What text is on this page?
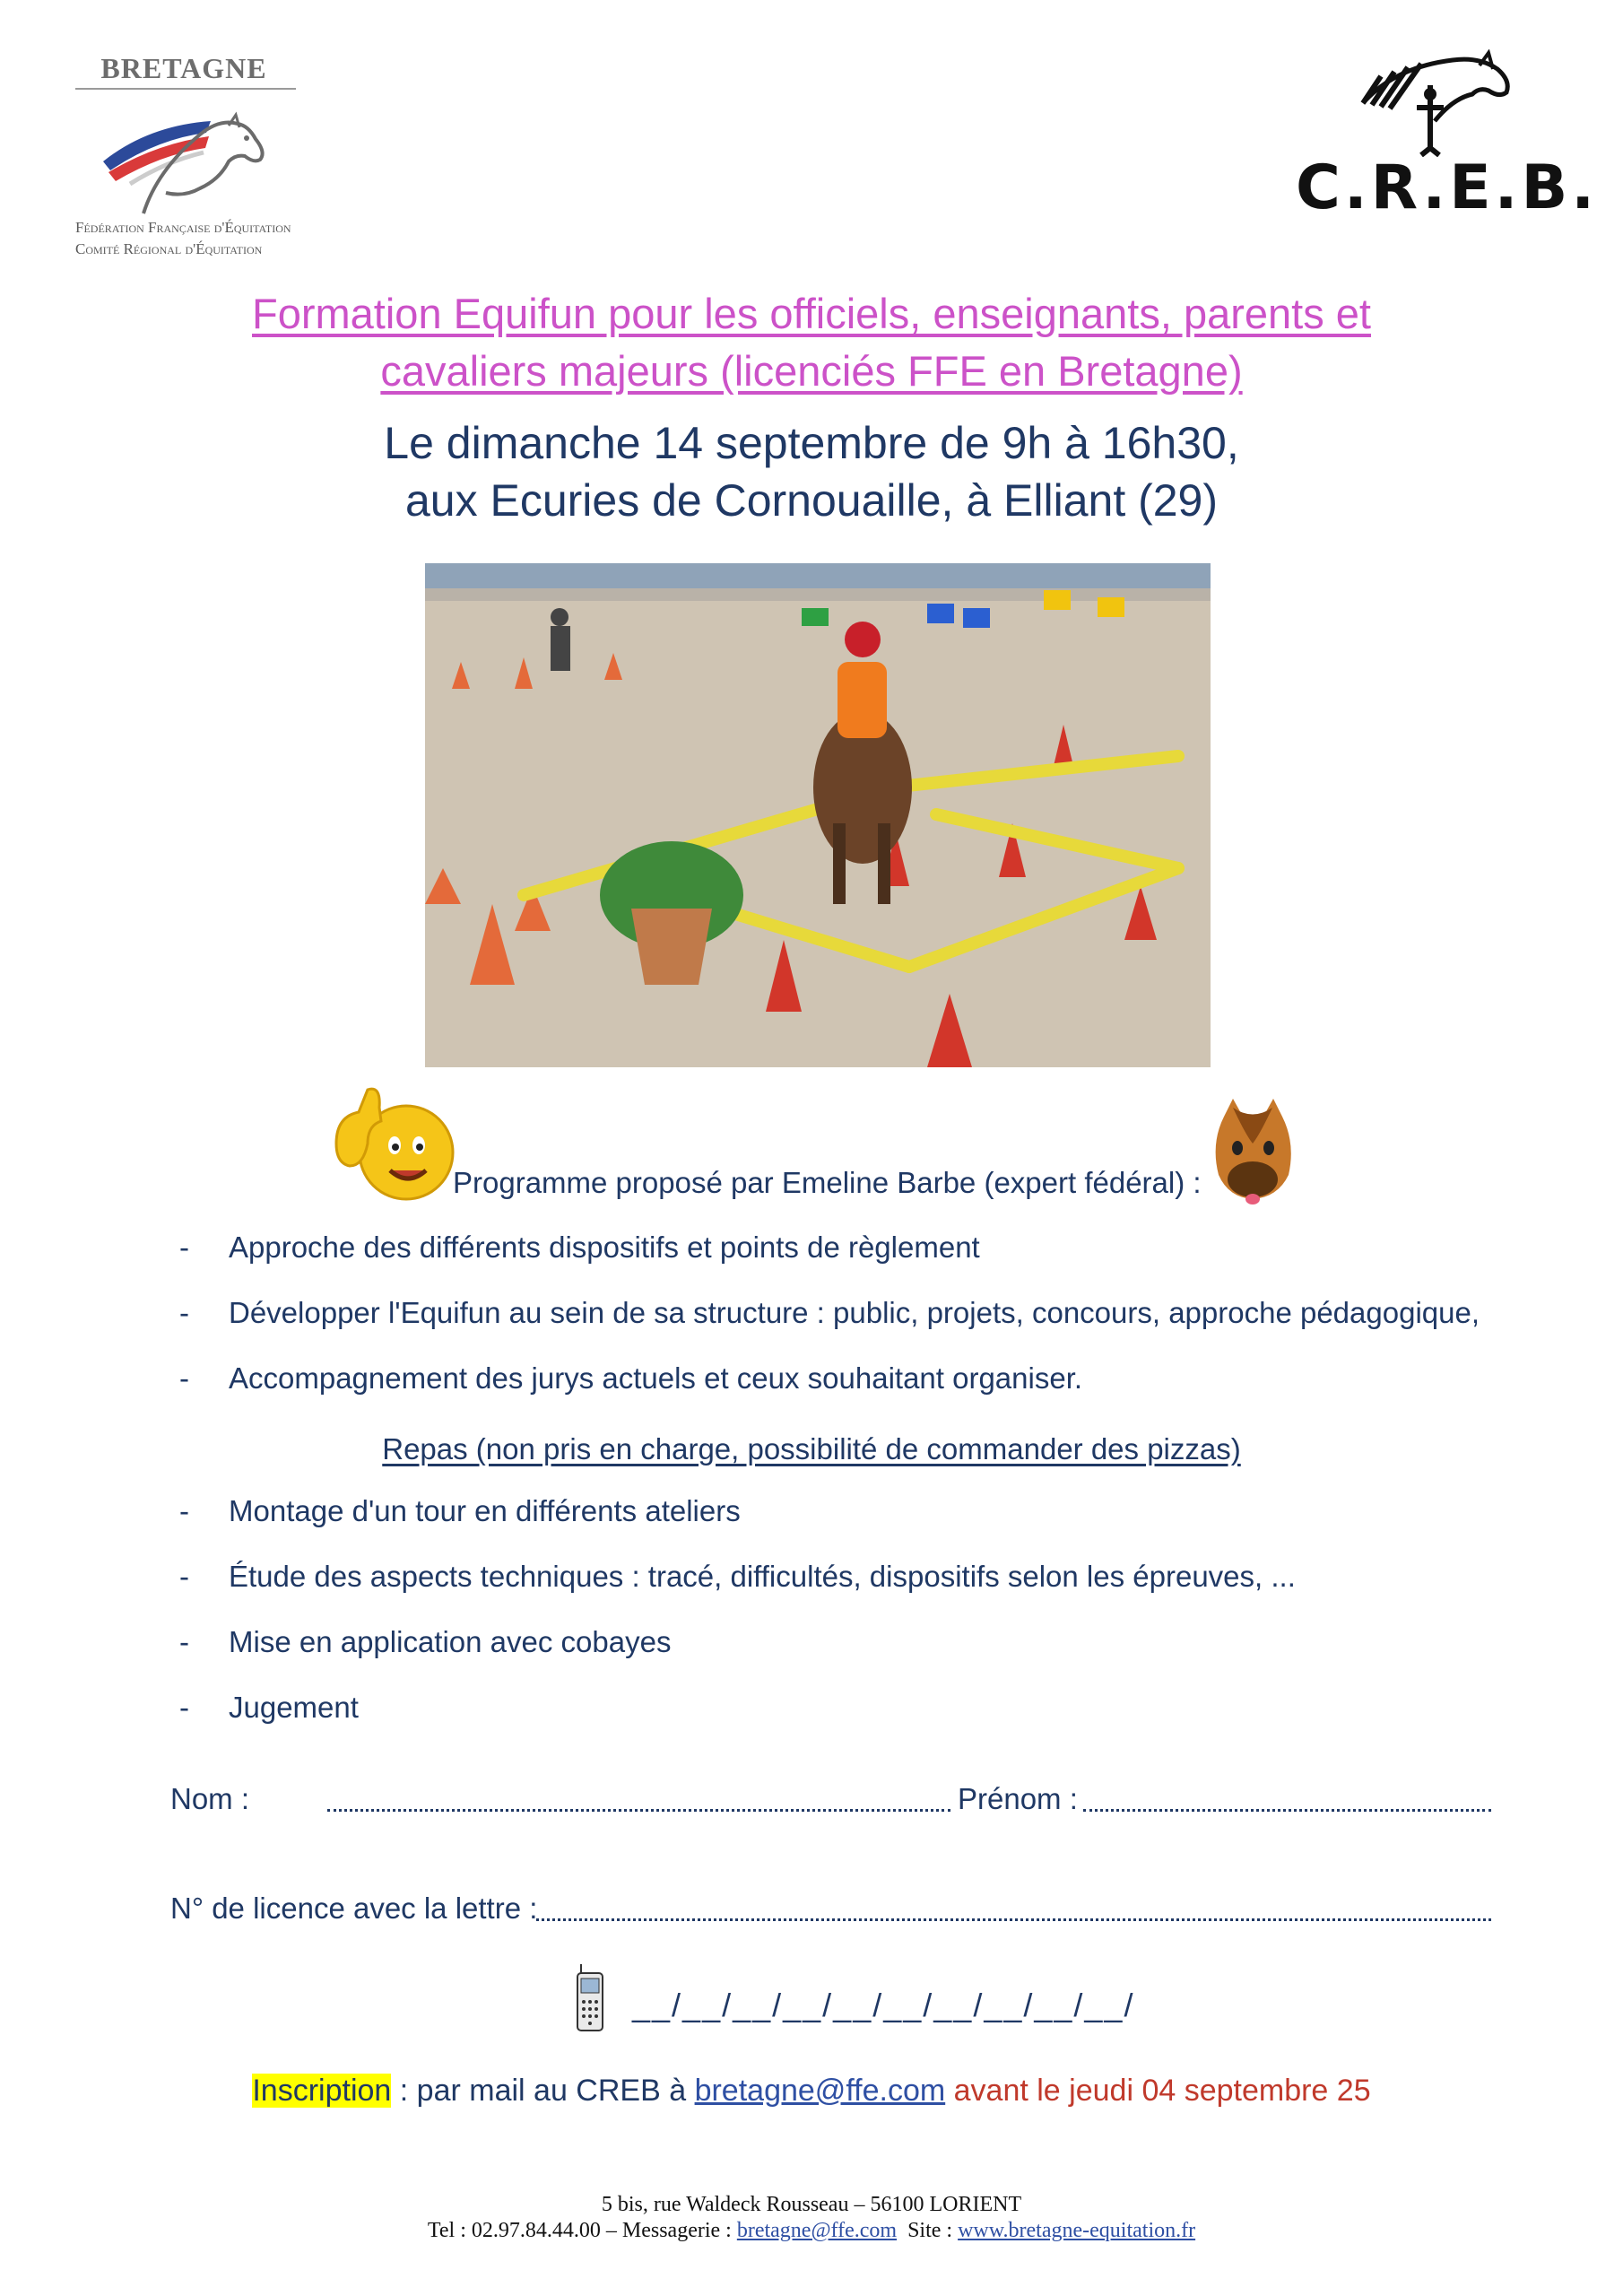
BRETAGNE
Fédération Française d'Équitation
Comité Régional d'Équitation
C.R.E.B.
Formation Equifun pour les officiels, enseignants, parents et
cavaliers majeurs (licenciés FFE en Bretagne)
Le dimanche 14 septembre de 9h à 16h30,
aux Ecuries de Cornouaille, à Elliant (29)
Programme proposé par Emeline Barbe (expert fédéral) :
- Approche des différents dispositifs et points de règlement
- Développer l'Equifun au sein de sa structure : public, projets, concours, approche pédagogique,
- Accompagnement des jurys actuels et ceux souhaitant organiser.
Repas (non pris en charge, possibilité de commander des pizzas)
- Montage d'un tour en différents ateliers
- Étude des aspects techniques : tracé, difficultés, dispositifs selon les épreuves, ...
- Mise en application avec cobayes
- Jugement
Nom :	Prénom :
N° de licence avec la lettre :
__/__/__/__/__/__/__/__/__/__/
Inscription : par mail au CREB à bretagne@ffe.com avant le jeudi 04 septembre 25
5 bis, rue Waldeck Rousseau – 56100 LORIENT
Tel : 02.97.84.44.00 – Messagerie : bretagne@ffe.com  Site : www.bretagne-equitation.fr
